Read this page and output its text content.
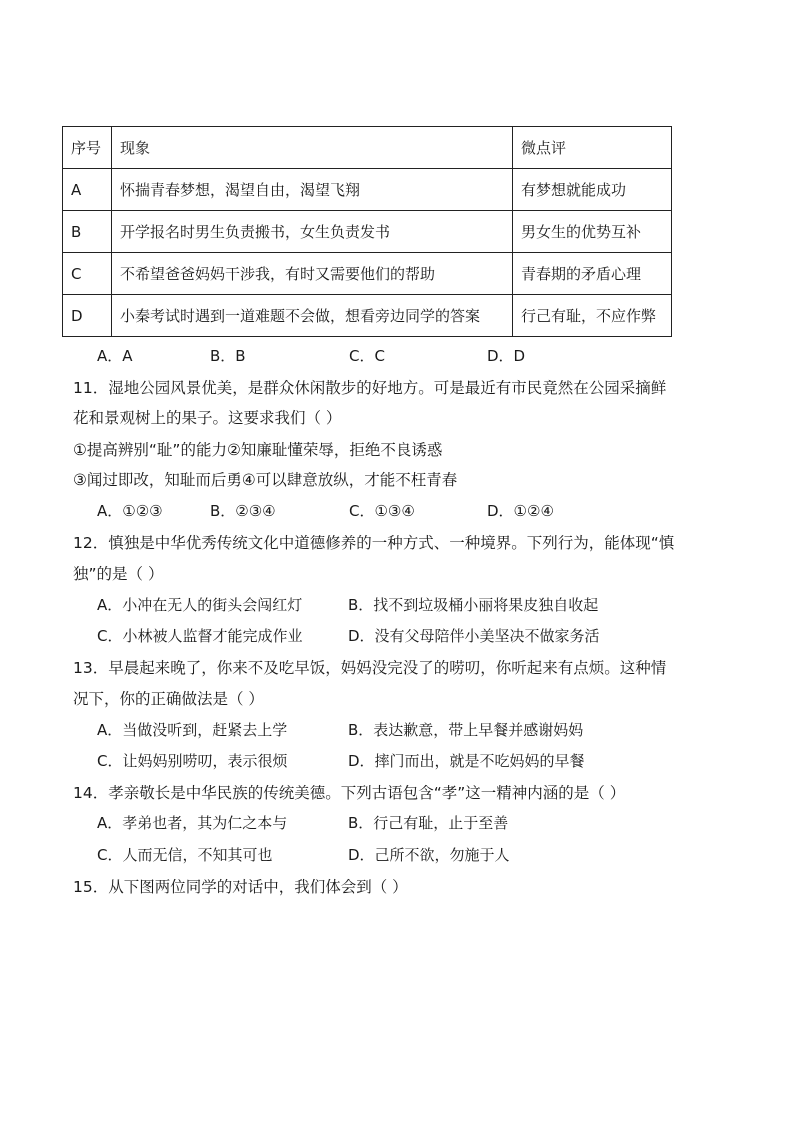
序号	现象	微点评
A	怀揣青春梦想，渴望自由，渴望飞翔	有梦想就能成功
B	开学报名时男生负责搬书，女生负责发书	男女生的优势互补
C	不希望爸爸妈妈干涉我，有时又需要他们的帮助	青春期的矛盾心理
D	小秦考试时遇到一道难题不会做，想看旁边同学的答案	行己有耻，不应作弊
A．A	B．B	C．C	D．D
11．湿地公园风景优美，是群众休闲散步的好地方。可是最近有市民竟然在公园采摘鲜
花和景观树上的果子。这要求我们（ ）
①提高辨别“耻”的能力②知廉耻懂荣辱，拒绝不良诱惑
③闻过即改，知耻而后勇④可以肆意放纵，才能不枉青春
A．①②③	B．②③④	C．①③④	D．①②④
12．慎独是中华优秀传统文化中道德修养的一种方式、一种境界。下列行为，能体现“慎
独”的是（ ）
A．小冲在无人的街头会闯红灯	B．找不到垃圾桶小丽将果皮独自收起
C．小林被人监督才能完成作业	D．没有父母陪伴小美坚决不做家务活
13．早晨起来晚了，你来不及吃早饭，妈妈没完没了的唠叨，你听起来有点烦。这种情
况下，你的正确做法是（ ）
A．当做没听到，赶紧去上学	B．表达歉意，带上早餐并感谢妈妈
C．让妈妈别唠叨，表示很烦	D．摔门而出，就是不吃妈妈的早餐
14．孝亲敬长是中华民族的传统美德。下列古语包含“孝”这一精神内涵的是（ ）
A．孝弟也者，其为仁之本与	B．行己有耻，止于至善
C．人而无信，不知其可也	D．己所不欲，勿施于人
15．从下图两位同学的对话中，我们体会到（ ）
